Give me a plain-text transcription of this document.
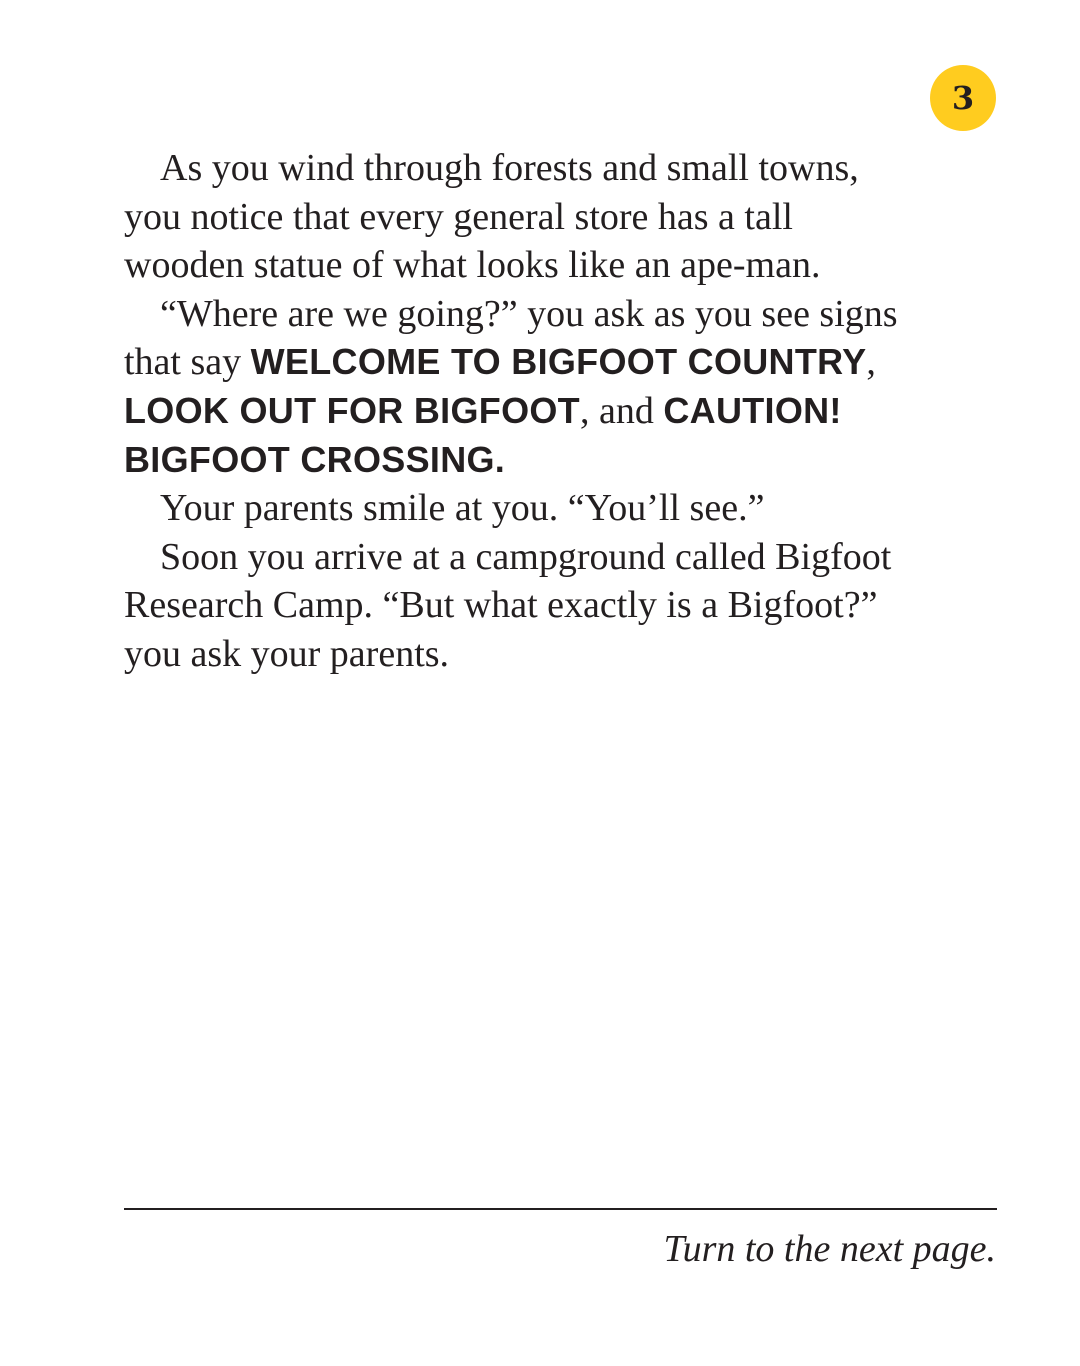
3

As you wind through forests and small towns,
you notice that every general store has a tall
wooden statue of what looks like an ape-man.

“Where are we going?” you ask as you see signs
that say WELCOME TO BIGFOOT COUNTRY,
LOOK OUT FOR BIGFOOT, and CAUTION!
BIGFOOT CROSSING.

Your parents smile at you. “You’ll see.”

Soon you arrive at a campground called Bigfoot
Research Camp. “But what exactly is a Bigfoot?”
you ask your parents.

Turn to the next page.
